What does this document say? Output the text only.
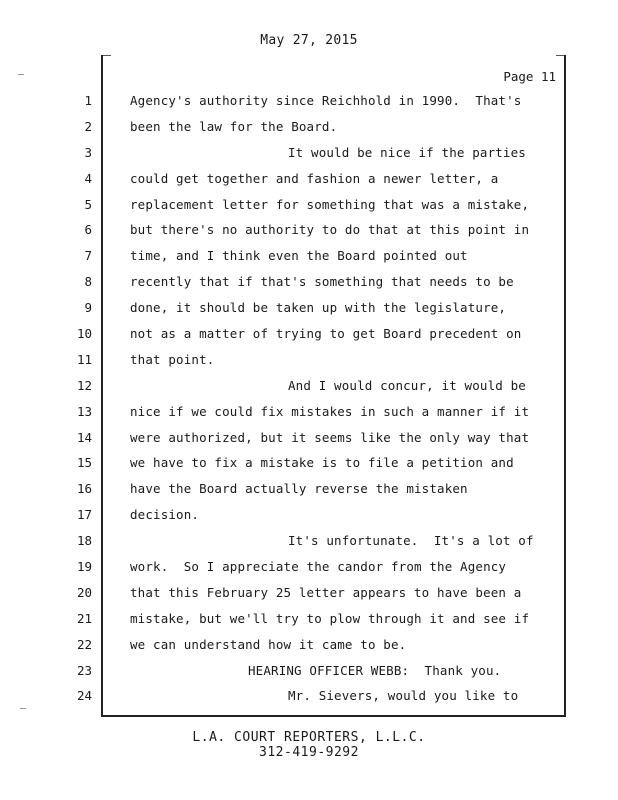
May 27, 2015
Page 11
1
2
3
4
5
6
7
8
9
10
11
12
13
14
15
16
17
18
19
20
21
22
23
24
Agency's authority since Reichhold in 1990.  That's
been the law for the Board.
It would be nice if the parties
could get together and fashion a newer letter, a
replacement letter for something that was a mistake,
but there's no authority to do that at this point in
time, and I think even the Board pointed out
recently that if that's something that needs to be
done, it should be taken up with the legislature,
not as a matter of trying to get Board precedent on
that point.
And I would concur, it would be
nice if we could fix mistakes in such a manner if it
were authorized, but it seems like the only way that
we have to fix a mistake is to file a petition and
have the Board actually reverse the mistaken
decision.
It's unfortunate.  It's a lot of
work.  So I appreciate the candor from the Agency
that this February 25 letter appears to have been a
mistake, but we'll try to plow through it and see if
we can understand how it came to be.
HEARING OFFICER WEBB:  Thank you.
Mr. Sievers, would you like to
L.A. COURT REPORTERS, L.L.C.
312-419-9292
